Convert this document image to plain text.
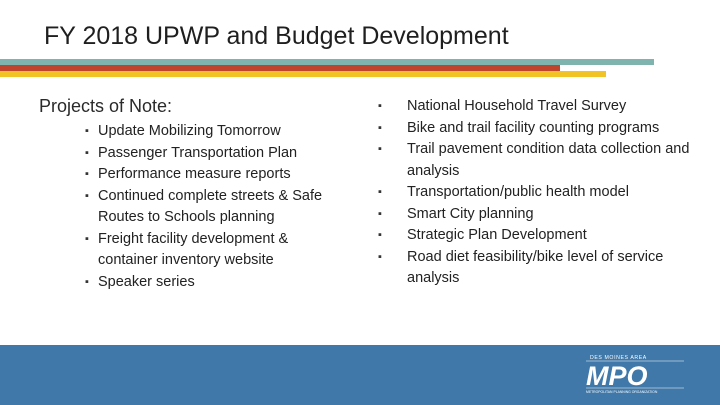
FY 2018 UPWP and Budget Development
Projects of Note:
▪ Update Mobilizing Tomorrow
▪ Passenger Transportation Plan
▪ Performance measure reports
▪ Continued complete streets & Safe Routes to Schools planning
▪ Freight facility development & container inventory website
▪ Speaker series
▪ National Household Travel Survey
▪ Bike and trail facility counting programs
▪ Trail pavement condition data collection and analysis
▪ Transportation/public health model
▪ Smart City planning
▪ Strategic Plan Development
▪ Road diet feasibility/bike level of service analysis
DES MOINES AREA
MPO
METROPOLITAN PLANNING ORGANIZATION
